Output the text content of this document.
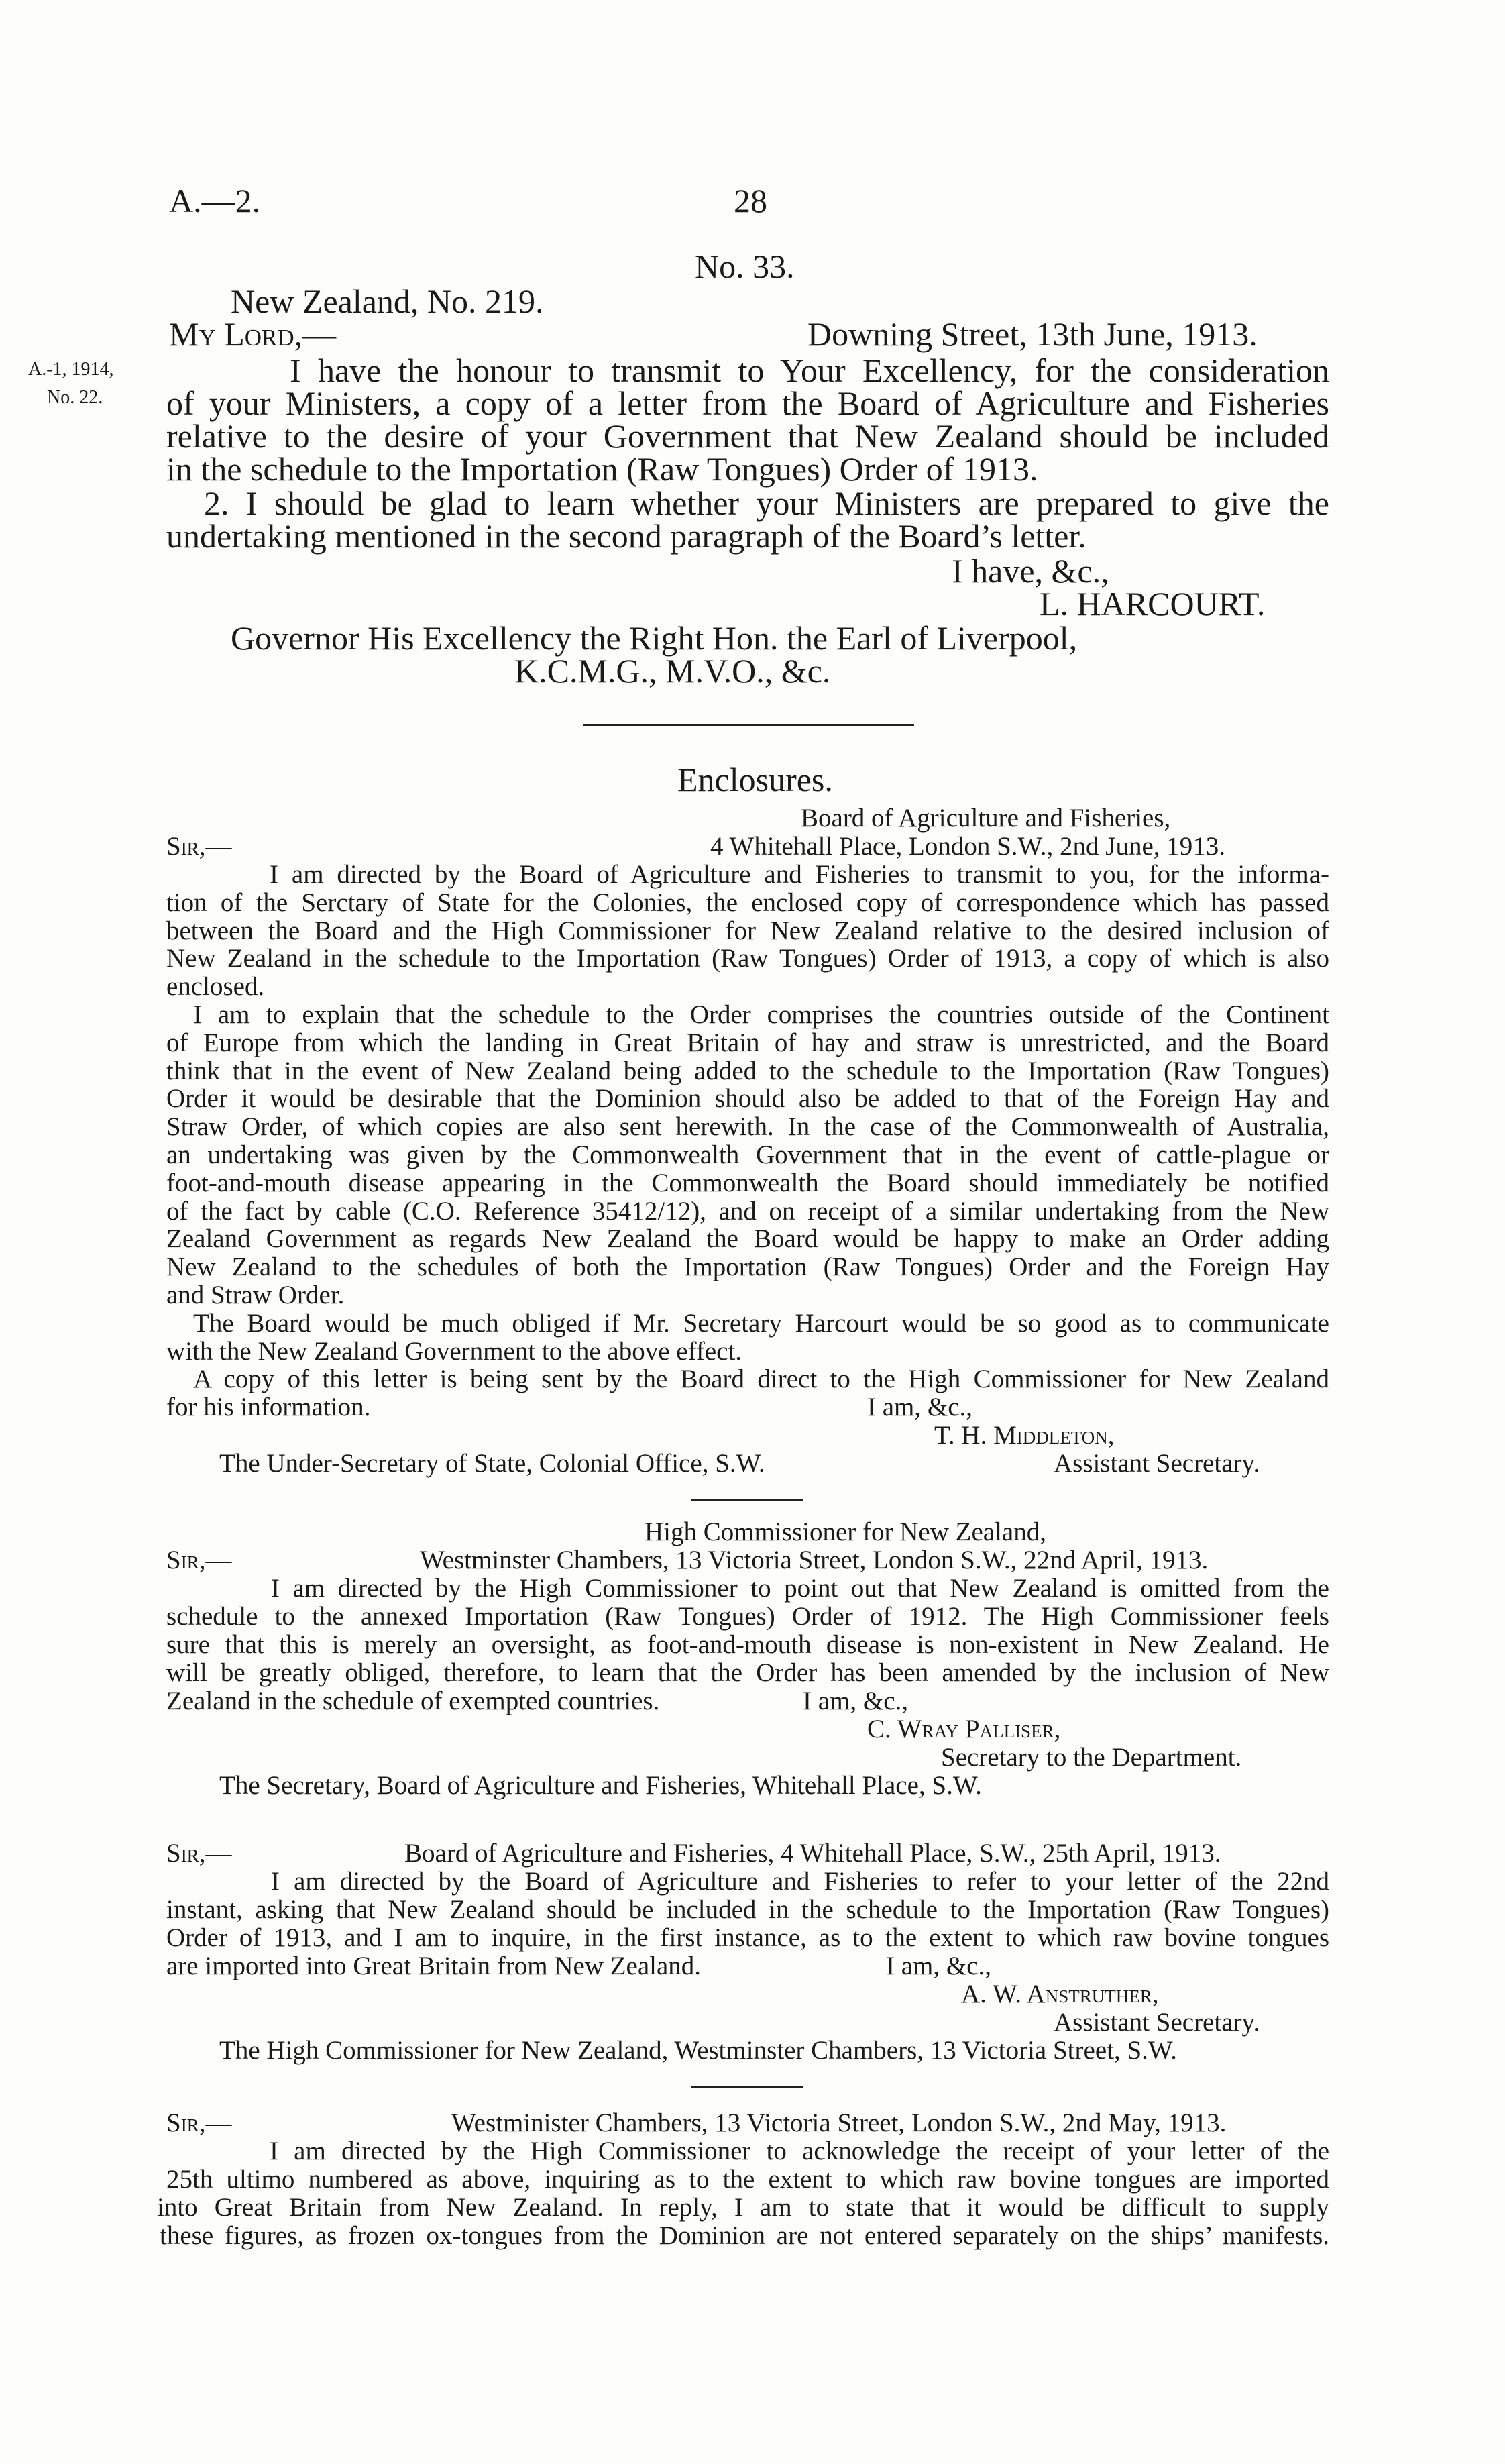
A.—2.	28
No. 33.
New Zealand, No. 219.
My Lord,—	Downing Street, 13th June, 1913.
A.-1, 1914,
No. 22.
I have the honour to transmit to Your Excellency, for the consideration
of your Ministers, a copy of a letter from the Board of Agriculture and Fisheries
relative to the desire of your Government that New Zealand should be included
in the schedule to the Importation (Raw Tongues) Order of 1913.
2. I should be glad to learn whether your Ministers are prepared to give the
undertaking mentioned in the second paragraph of the Board’s letter.
I have, &c.,
L. HARCOURT.
Governor His Excellency the Right Hon. the Earl of Liverpool,
K.C.M.G., M.V.O., &c.
Enclosures.
Board of Agriculture and Fisheries,
Sir,—	4 Whitehall Place, London S.W., 2nd June, 1913.
I am directed by the Board of Agriculture and Fisheries to transmit to you, for the informa-
tion of the Serctary of State for the Colonies, the enclosed copy of correspondence which has passed
between the Board and the High Commissioner for New Zealand relative to the desired inclusion of
New Zealand in the schedule to the Importation (Raw Tongues) Order of 1913, a copy of which is also
enclosed.
I am to explain that the schedule to the Order comprises the countries outside of the Continent
of Europe from which the landing in Great Britain of hay and straw is unrestricted, and the Board
think that in the event of New Zealand being added to the schedule to the Importation (Raw Tongues)
Order it would be desirable that the Dominion should also be added to that of the Foreign Hay and
Straw Order, of which copies are also sent herewith. In the case of the Commonwealth of Australia,
an undertaking was given by the Commonwealth Government that in the event of cattle-plague or
foot-and-mouth disease appearing in the Commonwealth the Board should immediately be notified
of the fact by cable (C.O. Reference 35412/12), and on receipt of a similar undertaking from the New
Zealand Government as regards New Zealand the Board would be happy to make an Order adding
New Zealand to the schedules of both the Importation (Raw Tongues) Order and the Foreign Hay
and Straw Order.
The Board would be much obliged if Mr. Secretary Harcourt would be so good as to communicate
with the New Zealand Government to the above effect.
A copy of this letter is being sent by the Board direct to the High Commissioner for New Zealand
for his information.	I am, &c.,
T. H. Middleton,
The Under-Secretary of State, Colonial Office, S.W.	Assistant Secretary.
High Commissioner for New Zealand,
Sir,—	Westminster Chambers, 13 Victoria Street, London S.W., 22nd April, 1913.
I am directed by the High Commissioner to point out that New Zealand is omitted from the
schedule to the annexed Importation (Raw Tongues) Order of 1912. The High Commissioner feels
sure that this is merely an oversight, as foot-and-mouth disease is non-existent in New Zealand. He
will be greatly obliged, therefore, to learn that the Order has been amended by the inclusion of New
Zealand in the schedule of exempted countries.	I am, &c.,
C. Wray Palliser,
Secretary to the Department.
The Secretary, Board of Agriculture and Fisheries, Whitehall Place, S.W.
Sir,—	Board of Agriculture and Fisheries, 4 Whitehall Place, S.W., 25th April, 1913.
I am directed by the Board of Agriculture and Fisheries to refer to your letter of the 22nd
instant, asking that New Zealand should be included in the schedule to the Importation (Raw Tongues)
Order of 1913, and I am to inquire, in the first instance, as to the extent to which raw bovine tongues
are imported into Great Britain from New Zealand.	I am, &c.,
A. W. Anstruther,
Assistant Secretary.
The High Commissioner for New Zealand, Westminster Chambers, 13 Victoria Street, S.W.
Sir,—	Westminister Chambers, 13 Victoria Street, London S.W., 2nd May, 1913.
I am directed by the High Commissioner to acknowledge the receipt of your letter of the
25th ultimo numbered as above, inquiring as to the extent to which raw bovine tongues are imported
into Great Britain from New Zealand. In reply, I am to state that it would be difficult to supply
these figures, as frozen ox-tongues from the Dominion are not entered separately on the ships’ manifests.
